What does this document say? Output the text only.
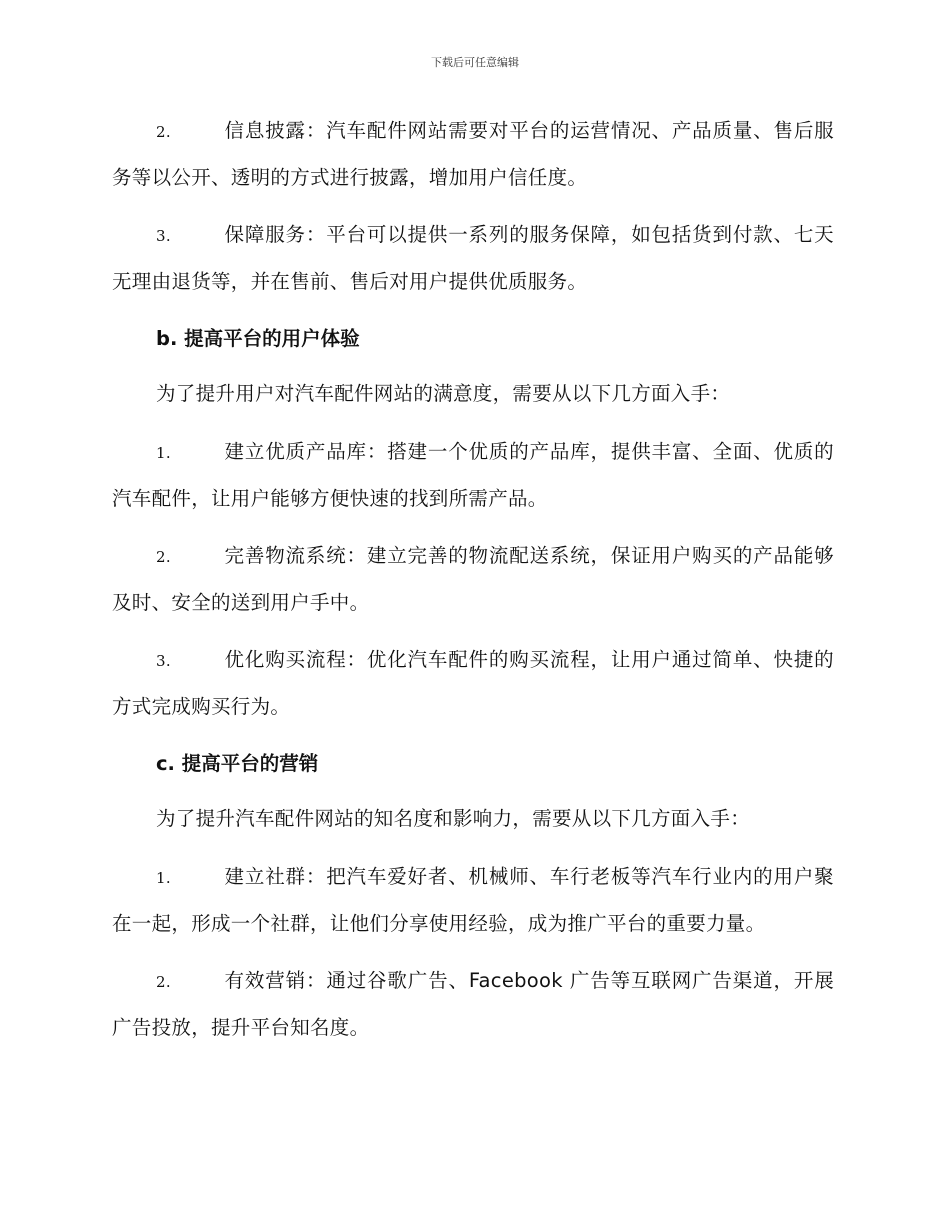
下载后可任意编辑
2.	信息披露：汽车配件网站需要对平台的运营情况、产品质量、售后服务等以公开、透明的方式进行披露，增加用户信任度。
3.	保障服务：平台可以提供一系列的服务保障，如包括货到付款、七天无理由退货等，并在售前、售后对用户提供优质服务。
b. 提高平台的用户体验
为了提升用户对汽车配件网站的满意度，需要从以下几方面入手：
1.	建立优质产品库：搭建一个优质的产品库，提供丰富、全面、优质的汽车配件，让用户能够方便快速的找到所需产品。
2.	完善物流系统：建立完善的物流配送系统，保证用户购买的产品能够及时、安全的送到用户手中。
3.	优化购买流程：优化汽车配件的购买流程，让用户通过简单、快捷的方式完成购买行为。
c. 提高平台的营销
为了提升汽车配件网站的知名度和影响力，需要从以下几方面入手：
1.	建立社群：把汽车爱好者、机械师、车行老板等汽车行业内的用户聚在一起，形成一个社群，让他们分享使用经验，成为推广平台的重要力量。
2.	有效营销：通过谷歌广告、Facebook 广告等互联网广告渠道，开展广告投放，提升平台知名度。
